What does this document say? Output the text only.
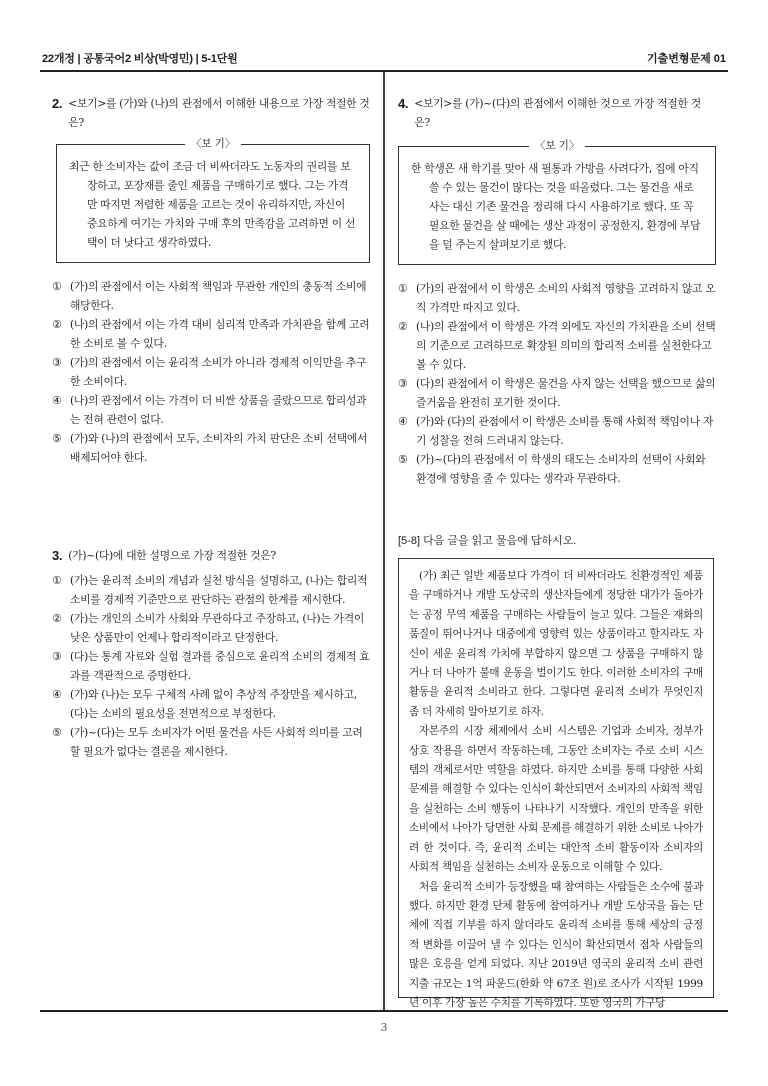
22개정 | 공통국어2 비상(박영민) | 5-1단원	기출변형문제 01
2. <보기>를 (가)와 (나)의 관점에서 이해한 내용으로 가장 적절한 것은?
〈보 기〉

최근 한 소비자는 값이 조금 더 비싸더라도 노동자의 권리를 보장하고, 포장재를 줄인 제품을 구매하기로 했다. 그는 가격만 따지면 저렴한 제품을 고르는 것이 유리하지만, 자신이 중요하게 여기는 가치와 구매 후의 만족감을 고려하면 이 선택이 더 낫다고 생각하였다.

① (가)의 관점에서 이는 사회적 책임과 무관한 개인의 충동적 소비에 해당한다.
② (나)의 관점에서 이는 가격 대비 심리적 만족과 가치관을 함께 고려한 소비로 볼 수 있다.
③ (가)의 관점에서 이는 윤리적 소비가 아니라 경제적 이익만을 추구한 소비이다.
④ (나)의 관점에서 이는 가격이 더 비싼 상품을 골랐으므로 합리성과는 전혀 관련이 없다.
⑤ (가)와 (나)의 관점에서 모두, 소비자의 가치 판단은 소비 선택에서 배제되어야 한다.
3. (가)~(다)에 대한 설명으로 가장 적절한 것은?
① (가)는 윤리적 소비의 개념과 실천 방식을 설명하고, (나)는 합리적 소비를 경제적 기준만으로 판단하는 관점의 한계를 제시한다.
② (가)는 개인의 소비가 사회와 무관하다고 주장하고, (나)는 가격이 낮은 상품만이 언제나 합리적이라고 단정한다.
③ (다)는 통계 자료와 실험 결과를 중심으로 윤리적 소비의 경제적 효과를 객관적으로 증명한다.
④ (가)와 (나)는 모두 구체적 사례 없이 추상적 주장만을 제시하고, (다)는 소비의 필요성을 전면적으로 부정한다.
⑤ (가)~(다)는 모두 소비자가 어떤 물건을 사든 사회적 의미를 고려할 필요가 없다는 결론을 제시한다.
4. <보기>를 (가)~(다)의 관점에서 이해한 것으로 가장 적절한 것은?
〈보 기〉

한 학생은 새 학기를 맞아 새 필통과 가방을 사려다가, 집에 아직 쓸 수 있는 물건이 많다는 것을 떠올렸다. 그는 물건을 새로 사는 대신 기존 물건을 정리해 다시 사용하기로 했다. 또 꼭 필요한 물건을 살 때에는 생산 과정이 공정한지, 환경에 부담을 덜 주는지 살펴보기로 했다.

① (가)의 관점에서 이 학생은 소비의 사회적 영향을 고려하지 않고 오직 가격만 따지고 있다.
② (나)의 관점에서 이 학생은 가격 외에도 자신의 가치관을 소비 선택의 기준으로 고려하므로 확장된 의미의 합리적 소비를 실천한다고 볼 수 있다.
③ (다)의 관점에서 이 학생은 물건을 사지 않는 선택을 했으므로 삶의 즐거움을 완전히 포기한 것이다.
④ (가)와 (다)의 관점에서 이 학생은 소비를 통해 사회적 책임이나 자기 성찰을 전혀 드러내지 않는다.
⑤ (가)~(다)의 관점에서 이 학생의 태도는 소비자의 선택이 사회와 환경에 영향을 줄 수 있다는 생각과 무관하다.
[5-8] 다음 글을 읽고 물음에 답하시오.

(가) 최근 일반 제품보다 가격이 더 비싸더라도 친환경적인 제품을 구매하거나 개발 도상국의 생산자들에게 정당한 대가가 돌아가는 공정 무역 제품을 구매하는 사람들이 늘고 있다. 그들은 재화의 품질이 뛰어나거나 대중에게 영향력 있는 상품이라고 할지라도 자신이 세운 윤리적 가치에 부합하지 않으면 그 상품을 구매하지 않거나 더 나아가 불매 운동을 벌이기도 한다. 이러한 소비자의 구매 활동을 윤리적 소비라고 한다. 그렇다면 윤리적 소비가 무엇인지 좀 더 자세히 알아보기로 하자.

자본주의 시장 체제에서 소비 시스템은 기업과 소비자, 정부가 상호 작용을 하면서 작동하는데, 그동안 소비자는 주로 소비 시스템의 객체로서만 역할을 하였다. 하지만 소비를 통해 다양한 사회 문제를 해결할 수 있다는 인식이 확산되면서 소비자의 사회적 책임을 실천하는 소비 행동이 나타나기 시작했다. 개인의 만족을 위한 소비에서 나아가 당면한 사회 문제를 해결하기 위한 소비로 나아가려 한 것이다. 즉, 윤리적 소비는 대안적 소비 활동이자 소비자의 사회적 책임을 실천하는 소비자 운동으로 이해할 수 있다.

처음 윤리적 소비가 등장했을 때 참여하는 사람들은 소수에 불과했다. 하지만 환경 단체 활동에 참여하거나 개발 도상국을 돕는 단체에 직접 기부를 하지 않더라도 윤리적 소비를 통해 세상의 긍정적 변화를 이끌어 낼 수 있다는 인식이 확산되면서 점차 사람들의 많은 호응을 얻게 되었다. 지난 2019년 영국의 윤리적 소비 관련 지출 규모는 1억 파운드(한화 약 67조 원)로 조사가 시작된 1999년 이후 가장 높은 수치를 기록하였다. 또한 영국의 가구당

3
